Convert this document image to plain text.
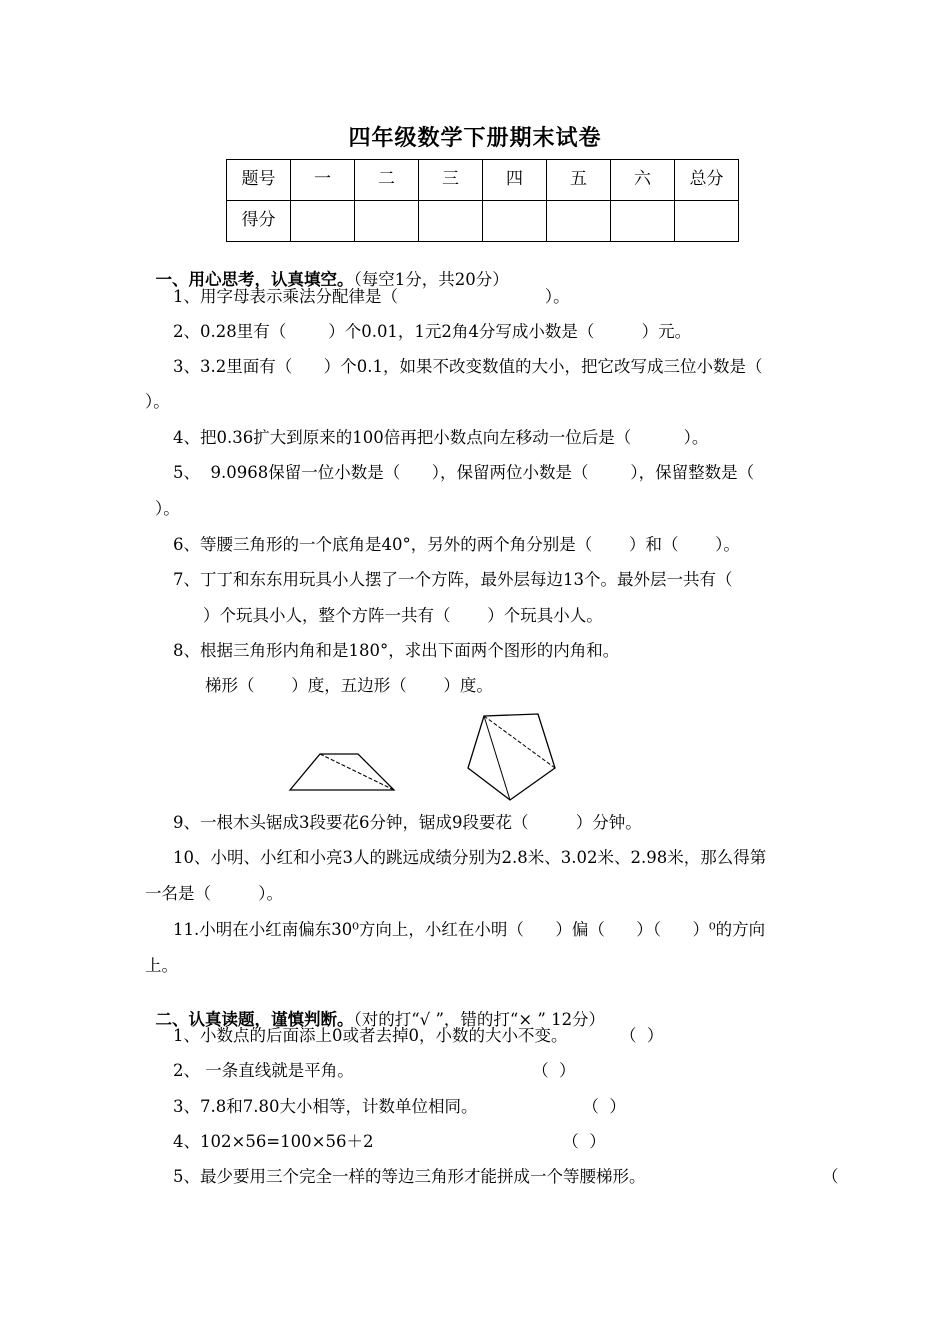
四年级数学下册期末试卷
题号	一	二	三	四	五	六	总分
得分							

一、用心思考，认真填空。（每空1分，共20分）

1、用字母表示乘法分配律是（                            ）。
2、0.28里有（        ）个0.01，1元2角4分写成小数是（         ）元。
3、3.2里面有（      ）个0.1，如果不改变数值的大小，把它改写成三位小数是（
）。
4、把0.36扩大到原来的100倍再把小数点向左移动一位后是（          ）。
5、  9.0968保留一位小数是（      ），保留两位小数是（        ），保留整数是（
）。
6、等腰三角形的一个底角是40°，另外的两个角分别是（       ）和（       ）。
7、丁丁和东东用玩具小人摆了一个方阵，最外层每边13个。最外层一共有（
）个玩具小人，整个方阵一共有（       ）个玩具小人。
8、根据三角形内角和是180°，求出下面两个图形的内角和。
梯形（       ）度，五边形（       ）度。
9、一根木头锯成3段要花6分钟，锯成9段要花（         ）分钟。
10、小明、小红和小亮3人的跳远成绩分别为2.8米、3.02米、2.98米，那么得第
一名是（         ）。
11.小明在小红南偏东30⁰方向上，小红在小明（      ）偏（      ）（      ）⁰的方向
上。

二、认真读题，谨慎判断。（对的打“√ ”，错的打“× ” 12分）

1、小数点的后面添上0或者去掉0，小数的大小不变。          （  ）
2、 一条直线就是平角。                                  （  ）
3、7.8和7.80大小相等，计数单位相同。                    （  ）
4、102×56=100×56＋2                                    （  ）
5、最少要用三个完全一样的等边三角形才能拼成一个等腰梯形。	（
